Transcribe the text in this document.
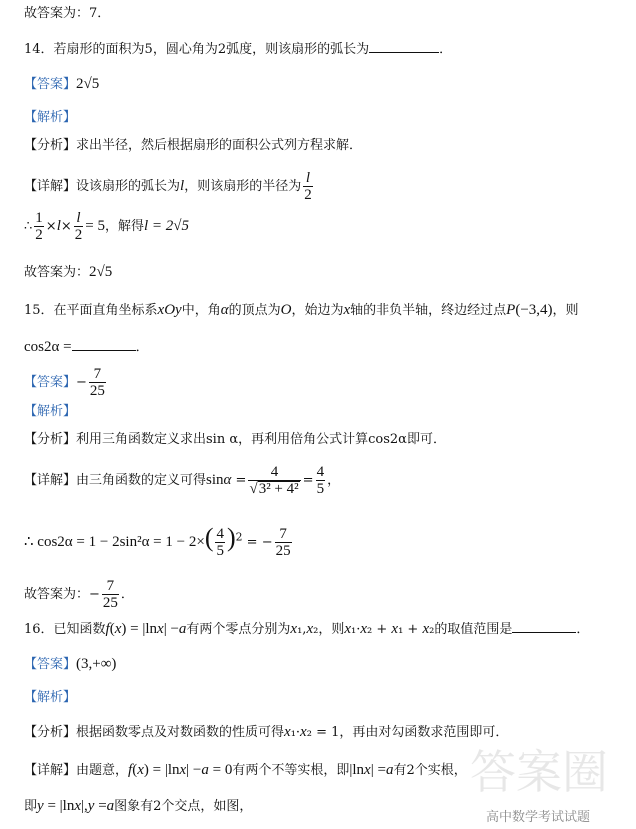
故答案为：7．
14．若扇形的面积为5，圆心角为2弧度，则该扇形的弧长为	．
【答案】2√5
【解析】
【分析】求出半径，然后根据扇形的面积公式列方程求解．
【详解】设该扇形的弧长为l，则该扇形的半径为 $\frac{l}{2}$
∴ $\frac{1}{2} \times l\times \frac{l}{2} = 5$，解得l = 2√5
故答案为：2√5
15．在平面直角坐标系xOy中，角α的顶点为O，始边为x轴的非负半轴，终边经过点P(−3,4)，则
cos2α =	．
【答案】− $\frac{7}{25}$
【解析】
【分析】利用三角函数定义求出sin α，再利用倍角公式计算cos2α即可．
【详解】由三角函数的定义可得$\sin\alpha = \frac{4}{\text{√3² + 4²}} = \frac{4}{5}$ ，
∴ $\cos 2\alpha = 1 - 2\sin^2\alpha = 1 - 2\times( \frac{4}{5} )^2$ = − $\frac{7}{25}$
故答案为：− $\frac{7}{25}$ ．
16．已知函数f(x) = |lnx| −a有两个零点分别为x₁,x₂，则x₁·x₂ + x₁ + x₂的取值范围是	．
【答案】(3,+∞)
【解析】
【分析】根据函数零点及对数函数的性质可得x₁·x₂ = 1，再由对勾函数求范围即可．
【详解】由题意，f(x) = |lnx| −a = 0有两个不等实根，即|lnx| =a有2个实根，
即y = |lnx|,y =a图象有2个交点，如图，
答案圈
高中数学考试试题
